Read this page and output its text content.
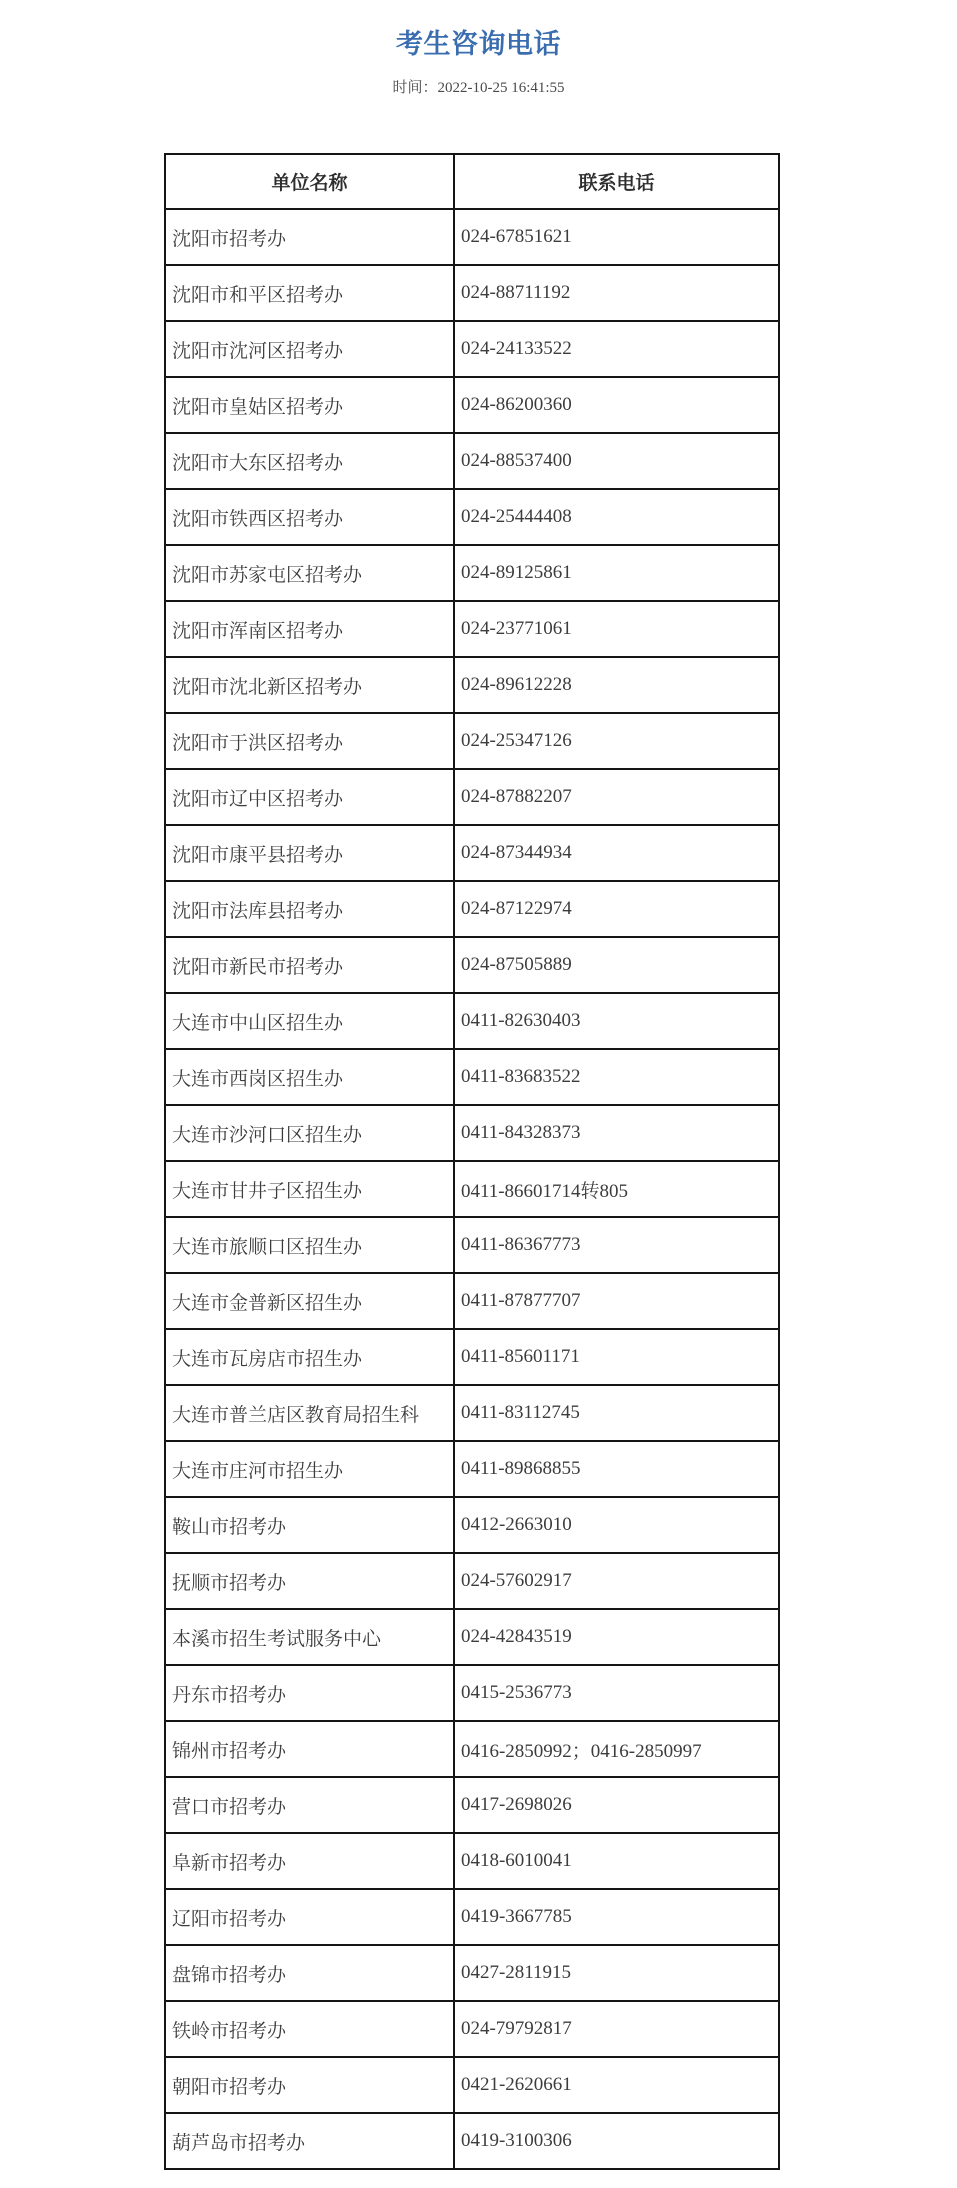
考生咨询电话
时间：2022-10-25 16:41:55
单位名称	联系电话
沈阳市招考办	024-67851621
沈阳市和平区招考办	024-88711192
沈阳市沈河区招考办	024-24133522
沈阳市皇姑区招考办	024-86200360
沈阳市大东区招考办	024-88537400
沈阳市铁西区招考办	024-25444408
沈阳市苏家屯区招考办	024-89125861
沈阳市浑南区招考办	024-23771061
沈阳市沈北新区招考办	024-89612228
沈阳市于洪区招考办	024-25347126
沈阳市辽中区招考办	024-87882207
沈阳市康平县招考办	024-87344934
沈阳市法库县招考办	024-87122974
沈阳市新民市招考办	024-87505889
大连市中山区招生办	0411-82630403
大连市西岗区招生办	0411-83683522
大连市沙河口区招生办	0411-84328373
大连市甘井子区招生办	0411-86601714转805
大连市旅顺口区招生办	0411-86367773
大连市金普新区招生办	0411-87877707
大连市瓦房店市招生办	0411-85601171
大连市普兰店区教育局招生科	0411-83112745
大连市庄河市招生办	0411-89868855
鞍山市招考办	0412-2663010
抚顺市招考办	024-57602917
本溪市招生考试服务中心	024-42843519
丹东市招考办	0415-2536773
锦州市招考办	0416-2850992；0416-2850997
营口市招考办	0417-2698026
阜新市招考办	0418-6010041
辽阳市招考办	0419-3667785
盘锦市招考办	0427-2811915
铁岭市招考办	024-79792817
朝阳市招考办	0421-2620661
葫芦岛市招考办	0419-3100306
